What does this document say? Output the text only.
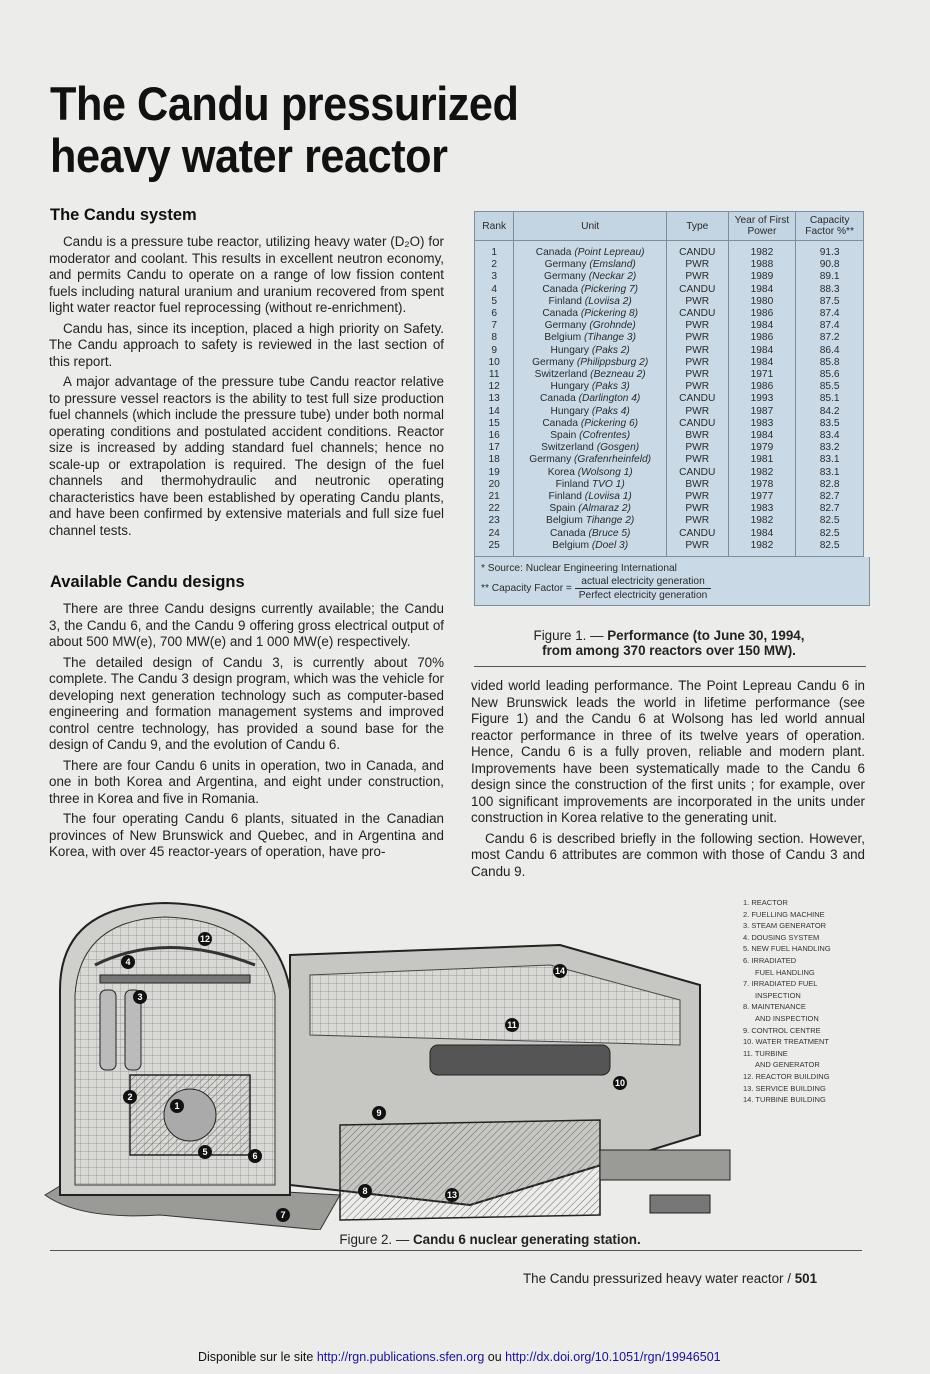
The Candu pressurized
heavy water reactor
The Candu system

Candu is a pressure tube reactor, utilizing heavy water (D₂O) for moderator and coolant. This results in excellent neutron economy, and permits Candu to operate on a range of low fission content fuels including natural uranium and uranium recovered from spent light water reactor fuel reprocessing (without re-enrichment).

Candu has, since its inception, placed a high priority on Safety. The Candu approach to safety is reviewed in the last section of this report.

A major advantage of the pressure tube Candu reactor relative to pressure vessel reactors is the ability to test full size production fuel channels (which include the pressure tube) under both normal operating conditions and postulated accident conditions. Reactor size is increased by adding standard fuel channels; hence no scale-up or extrapolation is required. The design of the fuel channels and thermohydraulic and neutronic operating characteristics have been established by operating Candu plants, and have been confirmed by extensive materials and full size fuel channel tests.

Available Candu designs

There are three Candu designs currently available; the Candu 3, the Candu 6, and the Candu 9 offering gross electrical output of about 500 MW(e), 700 MW(e) and 1 000 MW(e) respectively.

The detailed design of Candu 3, is currently about 70% complete. The Candu 3 design program, which was the vehicle for developing next generation technology such as computer-based engineering and formation management systems and improved control centre technology, has provided a sound base for the design of Candu 9, and the evolution of Candu 6.

There are four Candu 6 units in operation, two in Canada, and one in both Korea and Argentina, and eight under construction, three in Korea and five in Romania.

The four operating Candu 6 plants, situated in the Canadian provinces of New Brunswick and Quebec, and in Argentina and Korea, with over 45 reactor-years of operation, have pro-

Rank	Unit	Type	Year of First Power	Capacity Factor %**
1	Canada (Point Lepreau)	CANDU	1982	91.3
2	Germany (Emsland)	PWR	1988	90.8
3	Germany (Neckar 2)	PWR	1989	89.1
4	Canada (Pickering 7)	CANDU	1984	88.3
5	Finland (Loviisa 2)	PWR	1980	87.5
6	Canada (Pickering 8)	CANDU	1986	87.4
7	Germany (Grohnde)	PWR	1984	87.4
8	Belgium (Tihange 3)	PWR	1986	87.2
9	Hungary (Paks 2)	PWR	1984	86.4
10	Germany (Philippsburg 2)	PWR	1984	85.8
11	Switzerland (Bezneau 2)	PWR	1971	85.6
12	Hungary (Paks 3)	PWR	1986	85.5
13	Canada (Darlington 4)	CANDU	1993	85.1
14	Hungary (Paks 4)	PWR	1987	84.2
15	Canada (Pickering 6)	CANDU	1983	83.5
16	Spain (Cofrentes)	BWR	1984	83.4
17	Switzerland (Gosgen)	PWR	1979	83.2
18	Germany (Grafenrheinfeld)	PWR	1981	83.1
19	Korea (Wolsong 1)	CANDU	1982	83.1
20	Finland TVO 1)	BWR	1978	82.8
21	Finland (Loviisa 1)	PWR	1977	82.7
22	Spain (Almaraz 2)	PWR	1983	82.7
23	Belgium Tihange 2)	PWR	1982	82.5
24	Canada (Bruce 5)	CANDU	1984	82.5
25	Belgium (Doel 3)	PWR	1982	82.5
* Source: Nuclear Engineering International
** Capacity Factor = $\frac{\text{actual electricity generation}}{\text{Perfect electricity generation}}$
Figure 1. — Performance (to June 30, 1994,
from among 370 reactors over 150 MW).

vided world leading performance. The Point Lepreau Candu 6 in New Brunswick leads the world in lifetime performance (see Figure 1) and the Candu 6 at Wolsong has led world annual reactor performance in three of its twelve years of operation. Hence, Candu 6 is a fully proven, reliable and modern plant. Improvements have been systematically made to the Candu 6 design since the construction of the first units ; for example, over 100 significant improvements are incorporated in the units under construction in Korea relative to the generating unit.

Candu 6 is described briefly in the following section. However, most Candu 6 attributes are common with those of Candu 3 and Candu 9.

1
2
3
4
5	6
7
8
9
10
11
12
13
14
1. REACTOR
2. FUELLING MACHINE
3. STEAM GENERATOR
4. DOUSING SYSTEM
5. NEW FUEL HANDLING
6. IRRADIATED
FUEL HANDLING
7. IRRADIATED FUEL
INSPECTION
8. MAINTENANCE
AND INSPECTION
9. CONTROL CENTRE
10. WATER TREATMENT
11. TURBINE
AND GENERATOR
12. REACTOR BUILDING
13. SERVICE BUILDING
14. TURBINE BUILDING
Figure 2. — Candu 6 nuclear generating station.
The Candu pressurized heavy water reactor / 501
Disponible sur le site http://rgn.publications.sfen.org ou http://dx.doi.org/10.1051/rgn/19946501
